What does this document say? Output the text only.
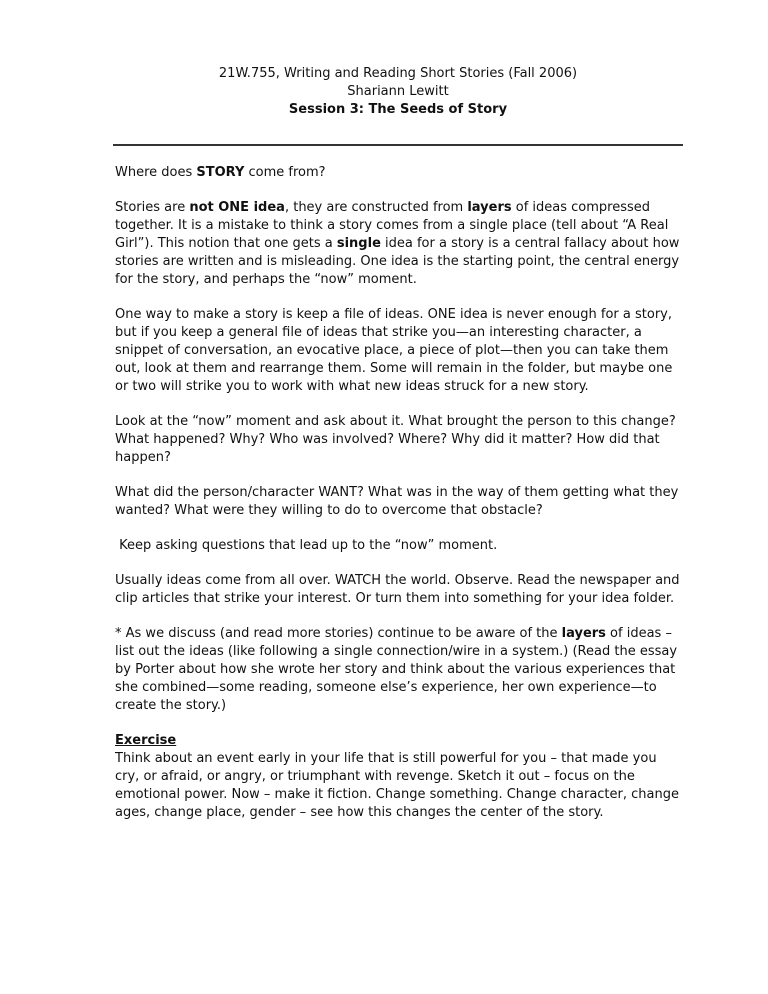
21W.755, Writing and Reading Short Stories (Fall 2006)
Shariann Lewitt
Session 3: The Seeds of Story

Where does STORY come from?

Stories are not ONE idea, they are constructed from layers of ideas compressed together. It is a mistake to think a story comes from a single place (tell about “A Real Girl”). This notion that one gets a single idea for a story is a central fallacy about how stories are written and is misleading. One idea is the starting point, the central energy for the story, and perhaps the “now” moment.

One way to make a story is keep a file of ideas. ONE idea is never enough for a story, but if you keep a general file of ideas that strike you—an interesting character, a snippet of conversation, an evocative place, a piece of plot—then you can take them out, look at them and rearrange them. Some will remain in the folder, but maybe one or two will strike you to work with what new ideas struck for a new story.

Look at the “now” moment and ask about it. What brought the person to this change? What happened? Why? Who was involved? Where? Why did it matter? How did that happen?

What did the person/character WANT? What was in the way of them getting what they wanted? What were they willing to do to overcome that obstacle?

Keep asking questions that lead up to the “now” moment.

Usually ideas come from all over. WATCH the world. Observe. Read the newspaper and clip articles that strike your interest. Or turn them into something for your idea folder.

* As we discuss (and read more stories) continue to be aware of the layers of ideas – list out the ideas (like following a single connection/wire in a system.) (Read the essay by Porter about how she wrote her story and think about the various experiences that she combined—some reading, someone else’s experience, her own experience—to create the story.)

Exercise
Think about an event early in your life that is still powerful for you – that made you cry, or afraid, or angry, or triumphant with revenge. Sketch it out – focus on the emotional power. Now – make it fiction. Change something. Change character, change ages, change place, gender – see how this changes the center of the story.
